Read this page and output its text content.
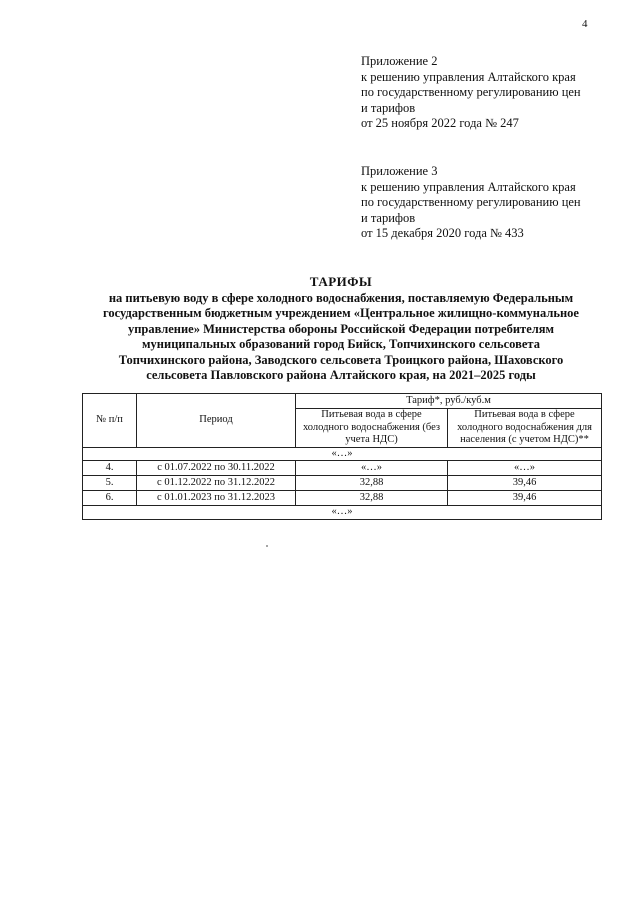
4
Приложение 2
к решению управления Алтайского края
по государственному регулированию цен
и тарифов
от 25 ноября 2022 года № 247
Приложение 3
к решению управления Алтайского края
по государственному регулированию цен
и тарифов
от 15 декабря 2020 года № 433
ТАРИФЫ
на питьевую воду в сфере холодного водоснабжения, поставляемую Федеральным
государственным бюджетным учреждением «Центральное жилищно-коммунальное
управление» Министерства обороны Российской Федерации потребителям
муниципальных образований город Бийск, Топчихинского сельсовета
Топчихинского района, Заводского сельсовета Троицкого района, Шаховского
сельсовета Павловского района Алтайского края, на 2021–2025 годы
№ п/п	Период	Тариф*, руб./куб.м	
		Питьевая вода в сфере холодного водоснабжения (без учета НДС)	Питьевая вода в сфере холодного водоснабжения для населения (с учетом НДС)**
«…»			
4.	с 01.07.2022 по 30.11.2022	«…»	«…»
5.	с 01.12.2022 по 31.12.2022	32,88	39,46
6.	с 01.01.2023 по 31.12.2023	32,88	39,46
«…»			
